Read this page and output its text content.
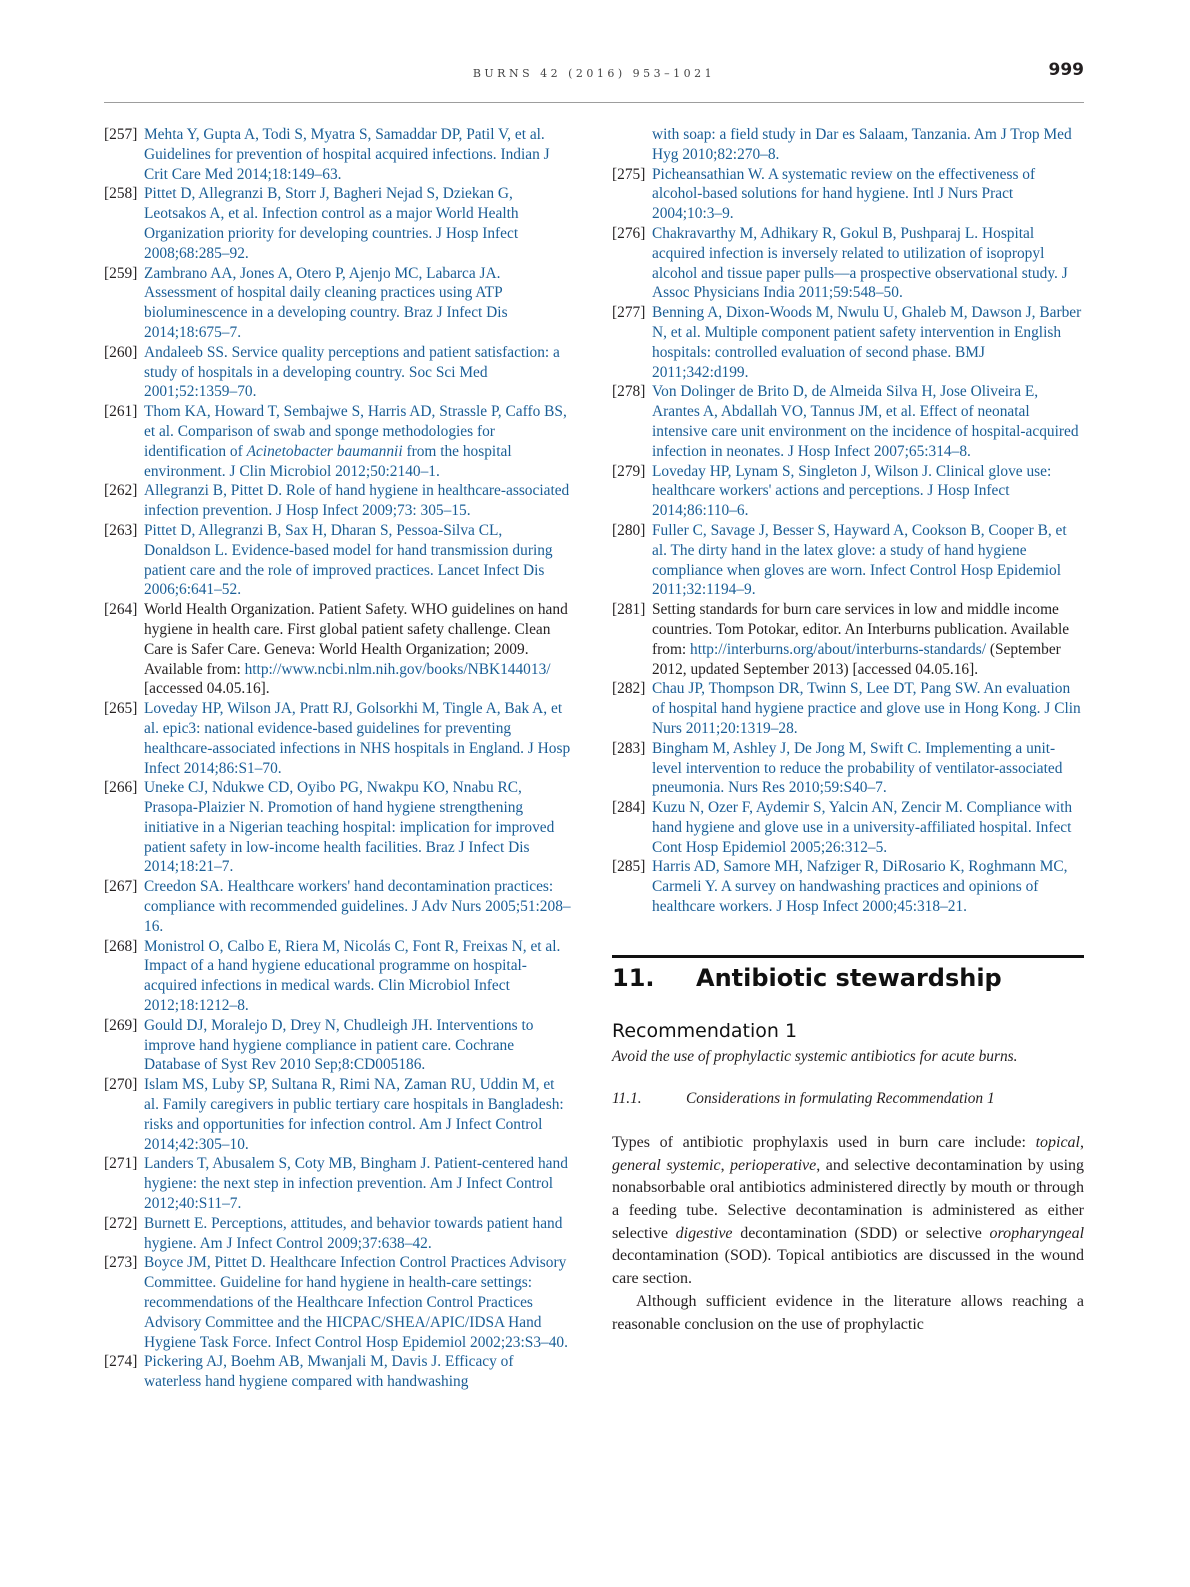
BURNS 42 (2016) 953–1021	999
[257] Mehta Y, Gupta A, Todi S, Myatra S, Samaddar DP, Patil V, et al. Guidelines for prevention of hospital acquired infections. Indian J Crit Care Med 2014;18:149–63.
[258] Pittet D, Allegranzi B, Storr J, Bagheri Nejad S, Dziekan G, Leotsakos A, et al. Infection control as a major World Health Organization priority for developing countries. J Hosp Infect 2008;68:285–92.
[259] Zambrano AA, Jones A, Otero P, Ajenjo MC, Labarca JA. Assessment of hospital daily cleaning practices using ATP bioluminescence in a developing country. Braz J Infect Dis 2014;18:675–7.
[260] Andaleeb SS. Service quality perceptions and patient satisfaction: a study of hospitals in a developing country. Soc Sci Med 2001;52:1359–70.
[261] Thom KA, Howard T, Sembajwe S, Harris AD, Strassle P, Caffo BS, et al. Comparison of swab and sponge methodologies for identification of Acinetobacter baumannii from the hospital environment. J Clin Microbiol 2012;50:2140–1.
[262] Allegranzi B, Pittet D. Role of hand hygiene in healthcare-associated infection prevention. J Hosp Infect 2009;73: 305–15.
[263] Pittet D, Allegranzi B, Sax H, Dharan S, Pessoa-Silva CL, Donaldson L. Evidence-based model for hand transmission during patient care and the role of improved practices. Lancet Infect Dis 2006;6:641–52.
[264] World Health Organization. Patient Safety. WHO guidelines on hand hygiene in health care. First global patient safety challenge. Clean Care is Safer Care. Geneva: World Health Organization; 2009. Available from: http://www.ncbi.nlm.nih.gov/books/NBK144013/ [accessed 04.05.16].
[265] Loveday HP, Wilson JA, Pratt RJ, Golsorkhi M, Tingle A, Bak A, et al. epic3: national evidence-based guidelines for preventing healthcare-associated infections in NHS hospitals in England. J Hosp Infect 2014;86:S1–70.
[266] Uneke CJ, Ndukwe CD, Oyibo PG, Nwakpu KO, Nnabu RC, Prasopa-Plaizier N. Promotion of hand hygiene strengthening initiative in a Nigerian teaching hospital: implication for improved patient safety in low-income health facilities. Braz J Infect Dis 2014;18:21–7.
[267] Creedon SA. Healthcare workers' hand decontamination practices: compliance with recommended guidelines. J Adv Nurs 2005;51:208–16.
[268] Monistrol O, Calbo E, Riera M, Nicolás C, Font R, Freixas N, et al. Impact of a hand hygiene educational programme on hospital-acquired infections in medical wards. Clin Microbiol Infect 2012;18:1212–8.
[269] Gould DJ, Moralejo D, Drey N, Chudleigh JH. Interventions to improve hand hygiene compliance in patient care. Cochrane Database of Syst Rev 2010 Sep;8:CD005186.
[270] Islam MS, Luby SP, Sultana R, Rimi NA, Zaman RU, Uddin M, et al. Family caregivers in public tertiary care hospitals in Bangladesh: risks and opportunities for infection control. Am J Infect Control 2014;42:305–10.
[271] Landers T, Abusalem S, Coty MB, Bingham J. Patient-centered hand hygiene: the next step in infection prevention. Am J Infect Control 2012;40:S11–7.
[272] Burnett E. Perceptions, attitudes, and behavior towards patient hand hygiene. Am J Infect Control 2009;37:638–42.
[273] Boyce JM, Pittet D. Healthcare Infection Control Practices Advisory Committee. Guideline for hand hygiene in health-care settings: recommendations of the Healthcare Infection Control Practices Advisory Committee and the HICPAC/SHEA/APIC/IDSA Hand Hygiene Task Force. Infect Control Hosp Epidemiol 2002;23:S3–40.
[274] Pickering AJ, Boehm AB, Mwanjali M, Davis J. Efficacy of waterless hand hygiene compared with handwashing
with soap: a field study in Dar es Salaam, Tanzania. Am J Trop Med Hyg 2010;82:270–8.
[275] Picheansathian W. A systematic review on the effectiveness of alcohol-based solutions for hand hygiene. Intl J Nurs Pract 2004;10:3–9.
[276] Chakravarthy M, Adhikary R, Gokul B, Pushparaj L. Hospital acquired infection is inversely related to utilization of isopropyl alcohol and tissue paper pulls—a prospective observational study. J Assoc Physicians India 2011;59:548–50.
[277] Benning A, Dixon-Woods M, Nwulu U, Ghaleb M, Dawson J, Barber N, et al. Multiple component patient safety intervention in English hospitals: controlled evaluation of second phase. BMJ 2011;342:d199.
[278] Von Dolinger de Brito D, de Almeida Silva H, Jose Oliveira E, Arantes A, Abdallah VO, Tannus JM, et al. Effect of neonatal intensive care unit environment on the incidence of hospital-acquired infection in neonates. J Hosp Infect 2007;65:314–8.
[279] Loveday HP, Lynam S, Singleton J, Wilson J. Clinical glove use: healthcare workers' actions and perceptions. J Hosp Infect 2014;86:110–6.
[280] Fuller C, Savage J, Besser S, Hayward A, Cookson B, Cooper B, et al. The dirty hand in the latex glove: a study of hand hygiene compliance when gloves are worn. Infect Control Hosp Epidemiol 2011;32:1194–9.
[281] Setting standards for burn care services in low and middle income countries. Tom Potokar, editor. An Interburns publication. Available from: http://interburns.org/about/interburns-standards/ (September 2012, updated September 2013) [accessed 04.05.16].
[282] Chau JP, Thompson DR, Twinn S, Lee DT, Pang SW. An evaluation of hospital hand hygiene practice and glove use in Hong Kong. J Clin Nurs 2011;20:1319–28.
[283] Bingham M, Ashley J, De Jong M, Swift C. Implementing a unit-level intervention to reduce the probability of ventilator-associated pneumonia. Nurs Res 2010;59:S40–7.
[284] Kuzu N, Ozer F, Aydemir S, Yalcin AN, Zencir M. Compliance with hand hygiene and glove use in a university-affiliated hospital. Infect Cont Hosp Epidemiol 2005;26:312–5.
[285] Harris AD, Samore MH, Nafziger R, DiRosario K, Roghmann MC, Carmeli Y. A survey on handwashing practices and opinions of healthcare workers. J Hosp Infect 2000;45:318–21.
11. Antibiotic stewardship
Recommendation 1
Avoid the use of prophylactic systemic antibiotics for acute burns.
11.1.	Considerations in formulating Recommendation 1

Types of antibiotic prophylaxis used in burn care include: topical, general systemic, perioperative, and selective decontamination by using nonabsorbable oral antibiotics administered directly by mouth or through a feeding tube. Selective decontamination is administered as either selective digestive decontamination (SDD) or selective oropharyngeal decontamination (SOD). Topical antibiotics are discussed in the wound care section.

Although sufficient evidence in the literature allows reaching a reasonable conclusion on the use of prophylactic
